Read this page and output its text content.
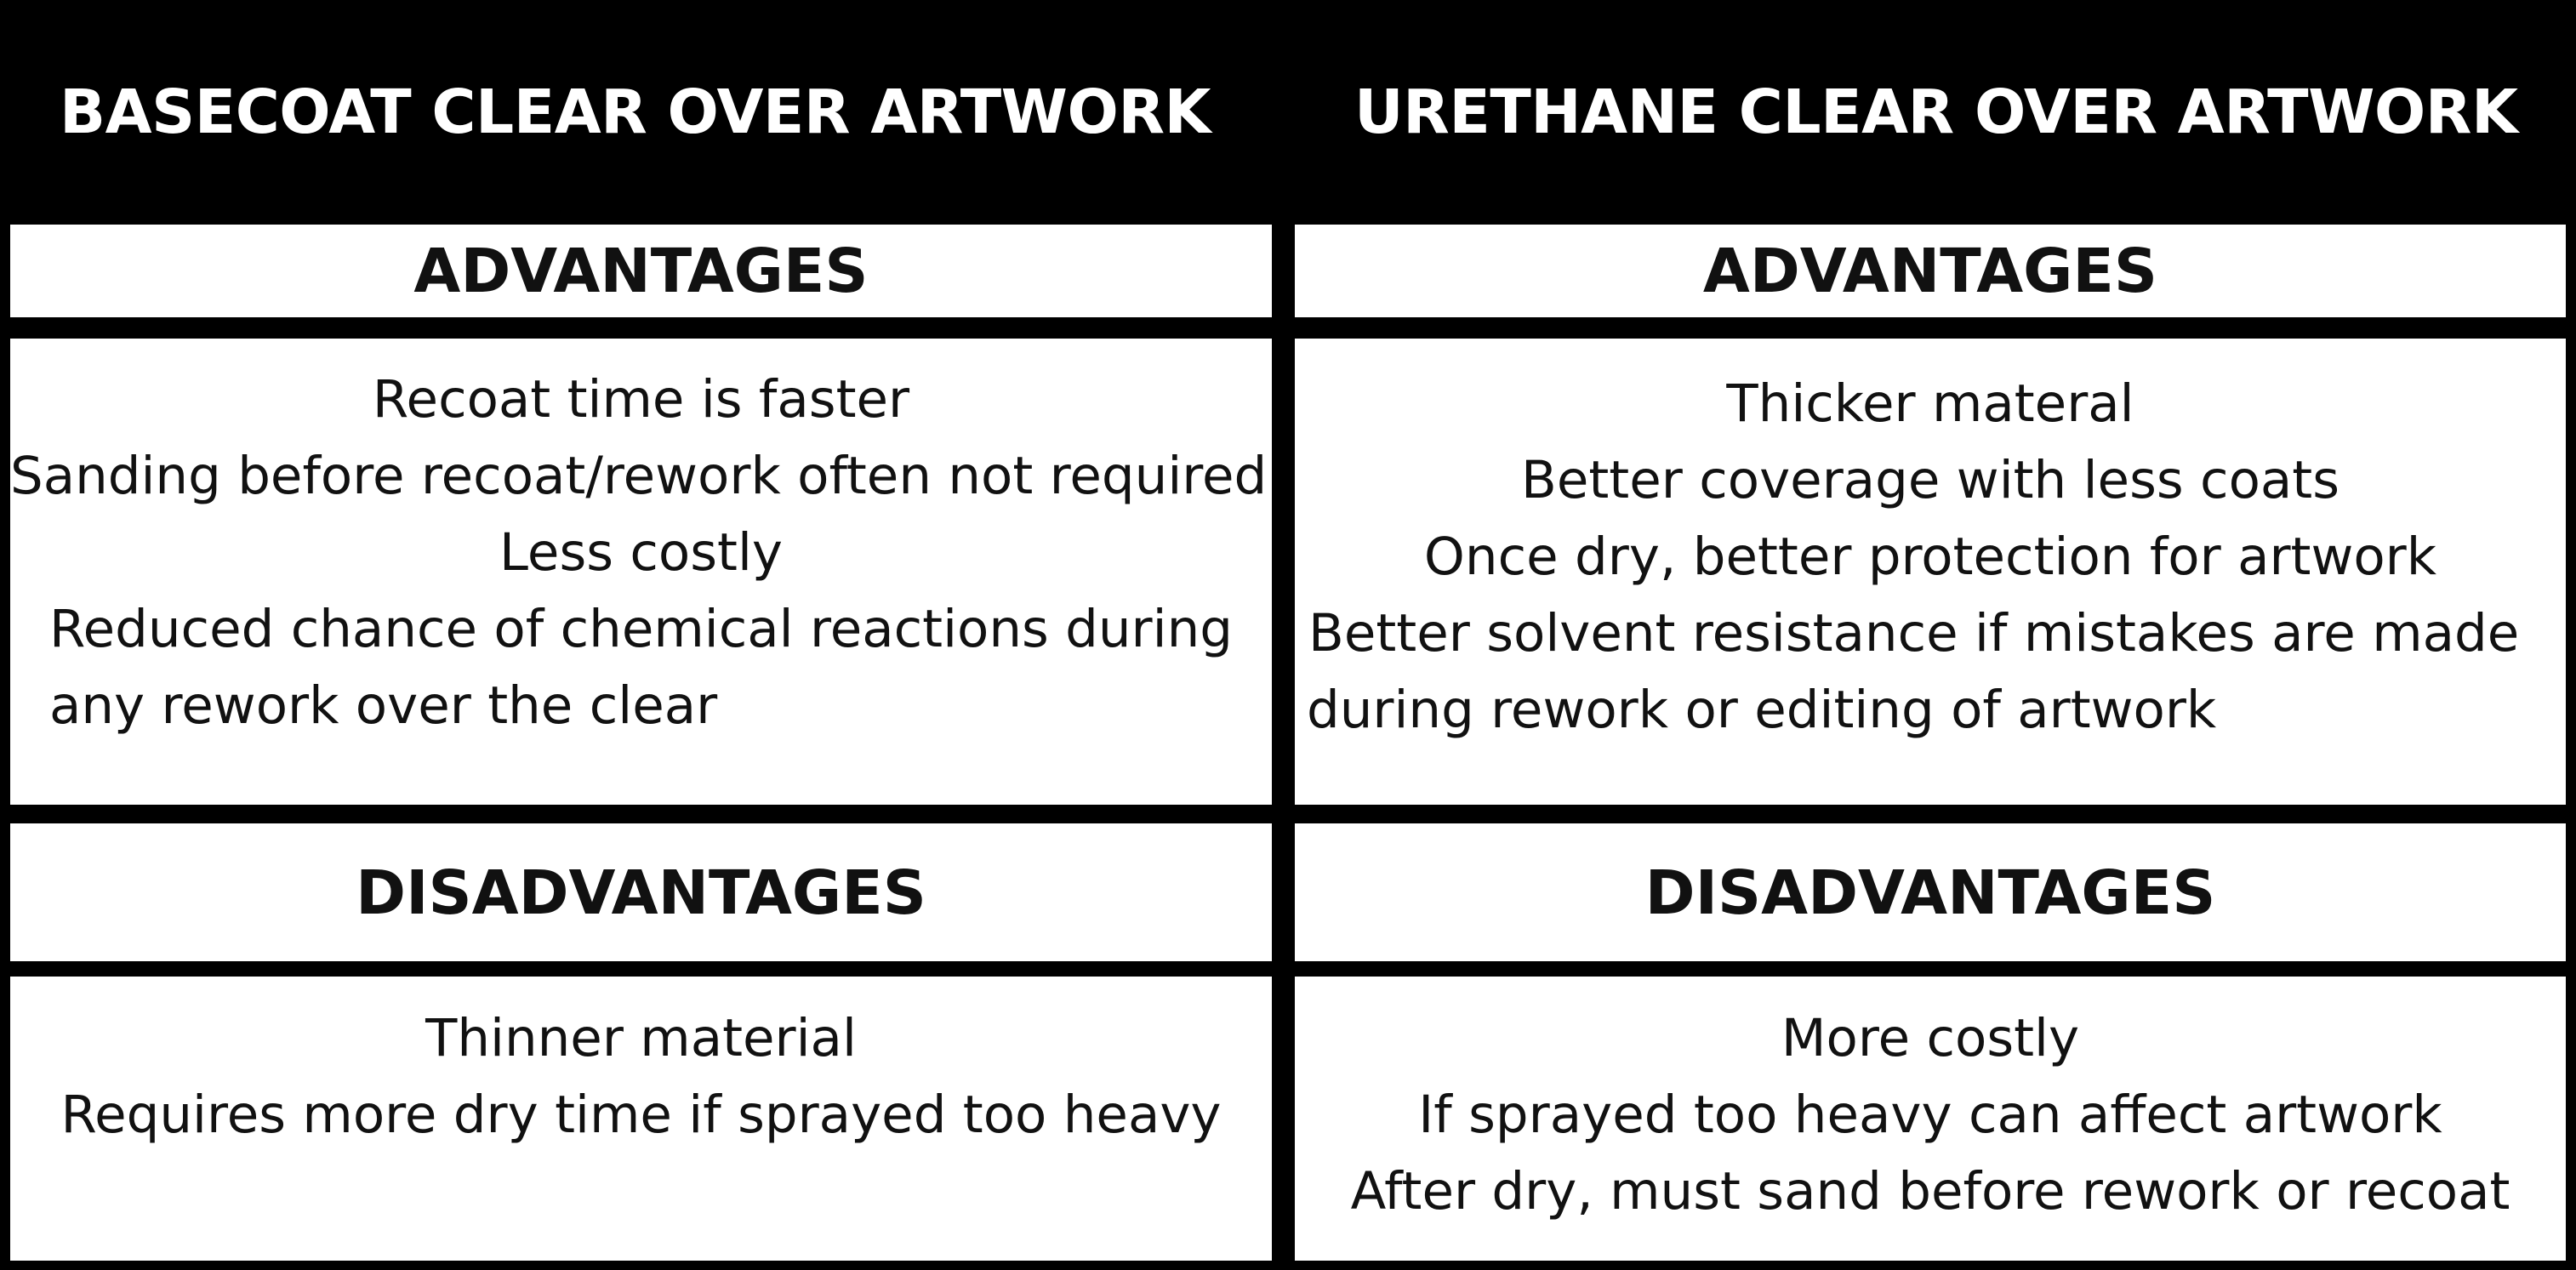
BASECOAT CLEAR OVER ARTWORK URETHANE CLEAR OVER ARTWORK
ADVANTAGES
Recoat time is faster
Sanding before recoat/rework often not required
Less costly
Reduced chance of chemical reactions during
any rework over the clear
DISADVANTAGES
Thinner material
Requires more dry time if sprayed too heavy
ADVANTAGES
Thicker materal
Better coverage with less coats
Once dry, better protection for artwork
Better solvent resistance if mistakes are made
during rework or editing of artwork
DISADVANTAGES
More costly
If sprayed too heavy can affect artwork
After dry, must sand before rework or recoat
